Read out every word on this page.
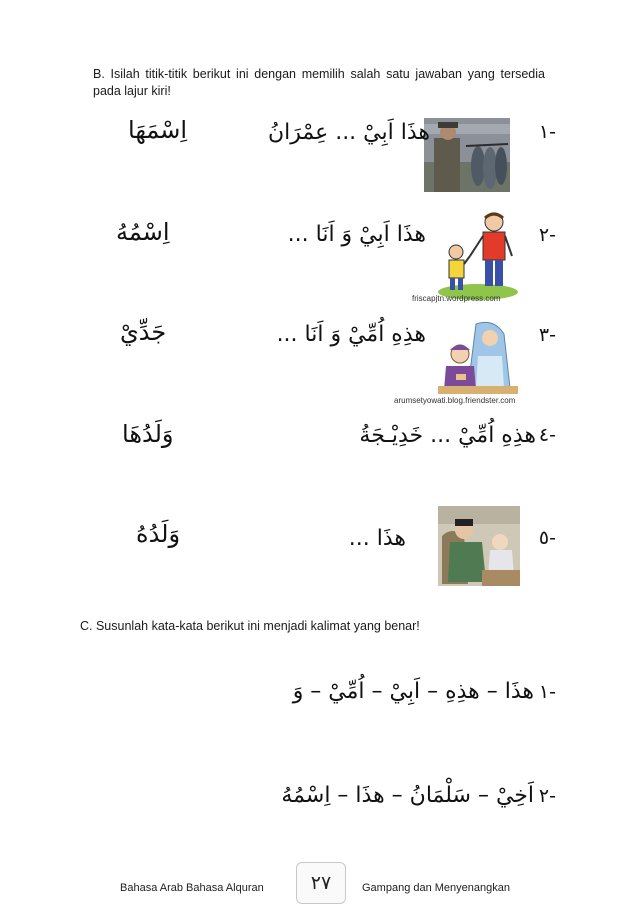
B. Isilah titik-titik berikut ini dengan memilih salah satu jawaban yang tersedia pada lajur kiri!
-١
هذَا اَبِيْ ... عِمْرَانُ
اِسْمَهَا
-٢
friscapjtn.wordpress.com
هذَا اَبِيْ وَ اَنَا ...
اِسْمُهُ
-٣
arumsetyowati.blog.friendster.com
هذِهِ اُمِّيْ وَ اَنَا ...
جَدِّيْ
-٤
هذِهِ اُمِّيْ ... خَدِيْـجَةُ
وَلَدُهَا
-٥
هذَا ...
وَلَدُهُ
C. Susunlah kata-kata berikut ini menjadi kalimat yang benar!
-١
هذَا – هذِهِ – اَبِيْ – اُمِّيْ – وَ
-٢
اَخِيْ – سَلْمَانُ – هذَا – اِسْمُهُ
Bahasa Arab Bahasa Alquran	٢٧	Gampang dan Menyenangkan
